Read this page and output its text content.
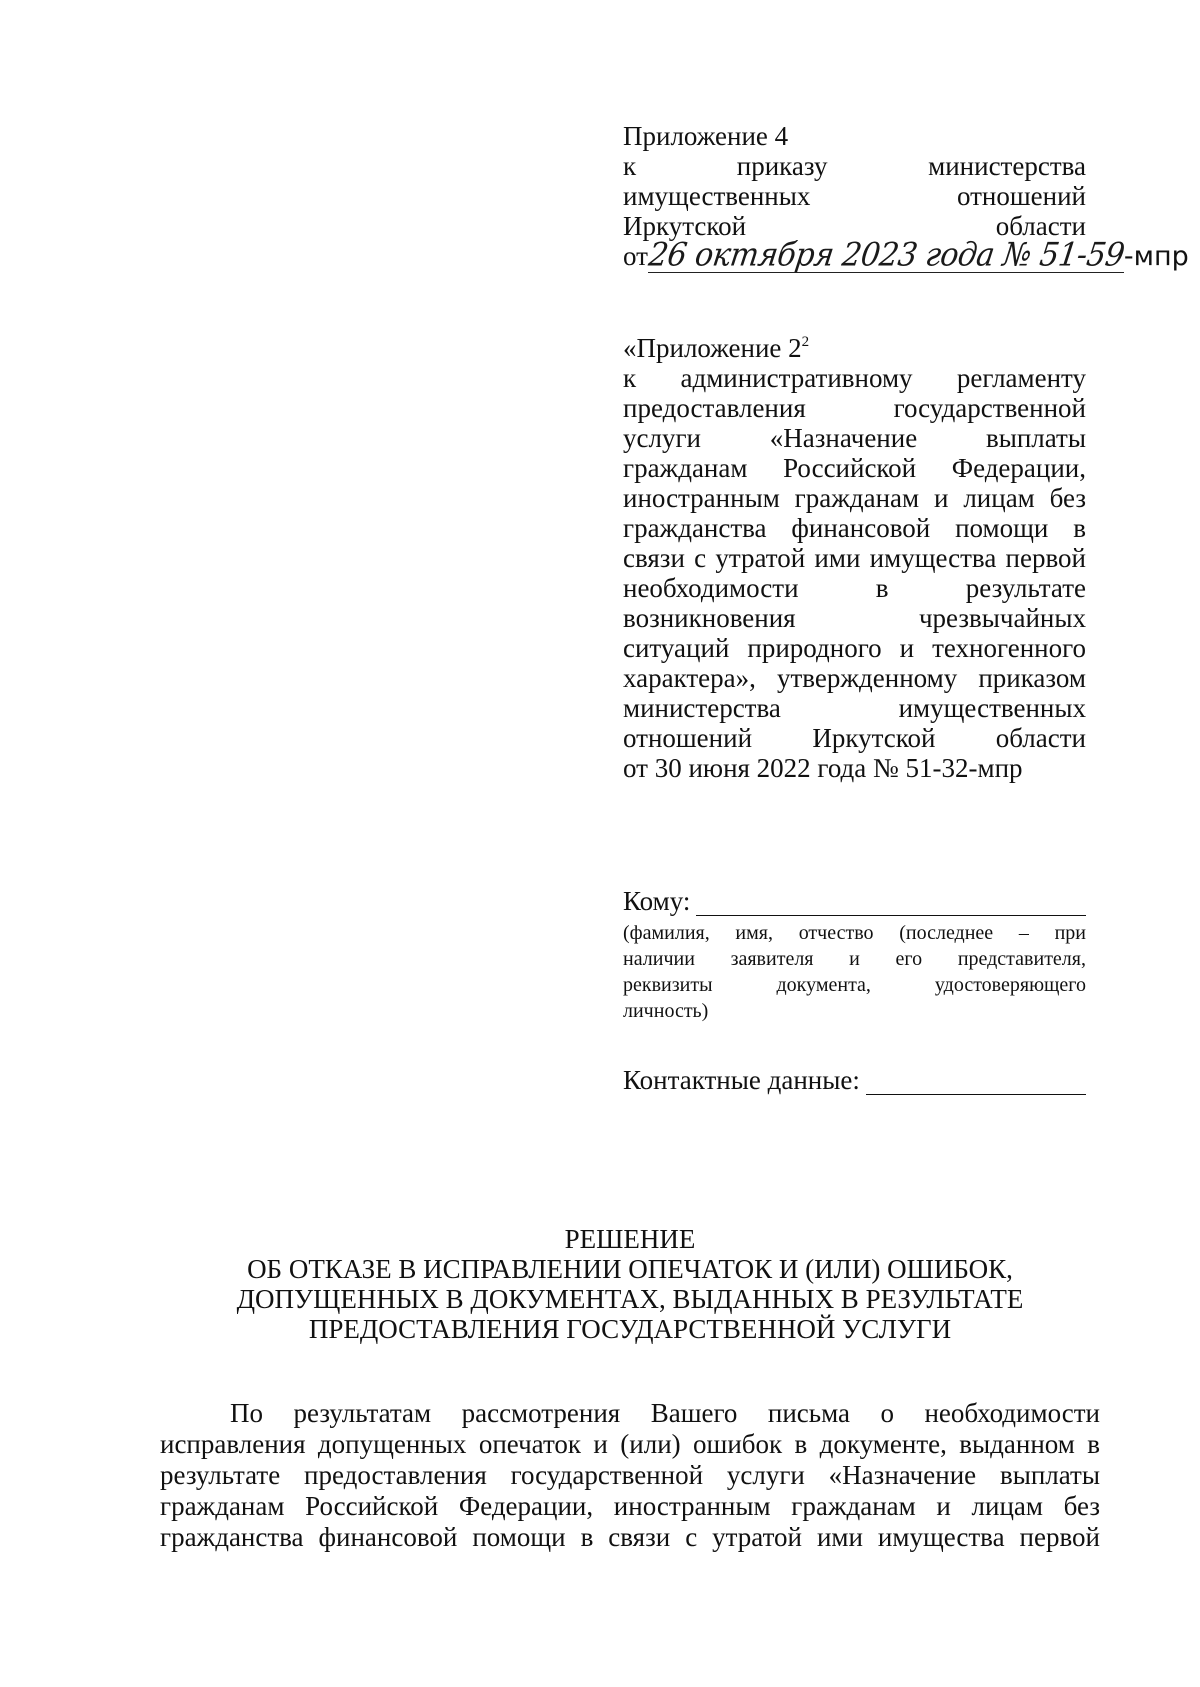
Приложение 4
к приказу министерства
имущественных отношений
Иркутской области
от
26 октября 2023 года № 51-59
-мпр
«Приложение $2^2$
к административному регламенту
предоставления государственной
услуги «Назначение выплаты
гражданам Российской Федерации,
иностранным гражданам и лицам без
гражданства финансовой помощи в
связи с утратой ими имущества первой
необходимости в результате
возникновения чрезвычайных
ситуаций природного и техногенного
характера», утвержденному приказом
министерства имущественных
отношений Иркутской области
от 30 июня 2022 года № 51-32-мпр
Кому:
(фамилия, имя, отчество (последнее – при
наличии заявителя и его представителя,
реквизиты документа, удостоверяющего
личность)
Контактные данные:
РЕШЕНИЕ
ОБ ОТКАЗЕ В ИСПРАВЛЕНИИ ОПЕЧАТОК И (ИЛИ) ОШИБОК,
ДОПУЩЕННЫХ В ДОКУМЕНТАХ, ВЫДАННЫХ В РЕЗУЛЬТАТЕ
ПРЕДОСТАВЛЕНИЯ ГОСУДАРСТВЕННОЙ УСЛУГИ
По результатам рассмотрения Вашего письма о необходимости
исправления допущенных опечаток и (или) ошибок в документе, выданном в
результате предоставления государственной услуги «Назначение выплаты
гражданам Российской Федерации, иностранным гражданам и лицам без
гражданства финансовой помощи в связи с утратой ими имущества первой
